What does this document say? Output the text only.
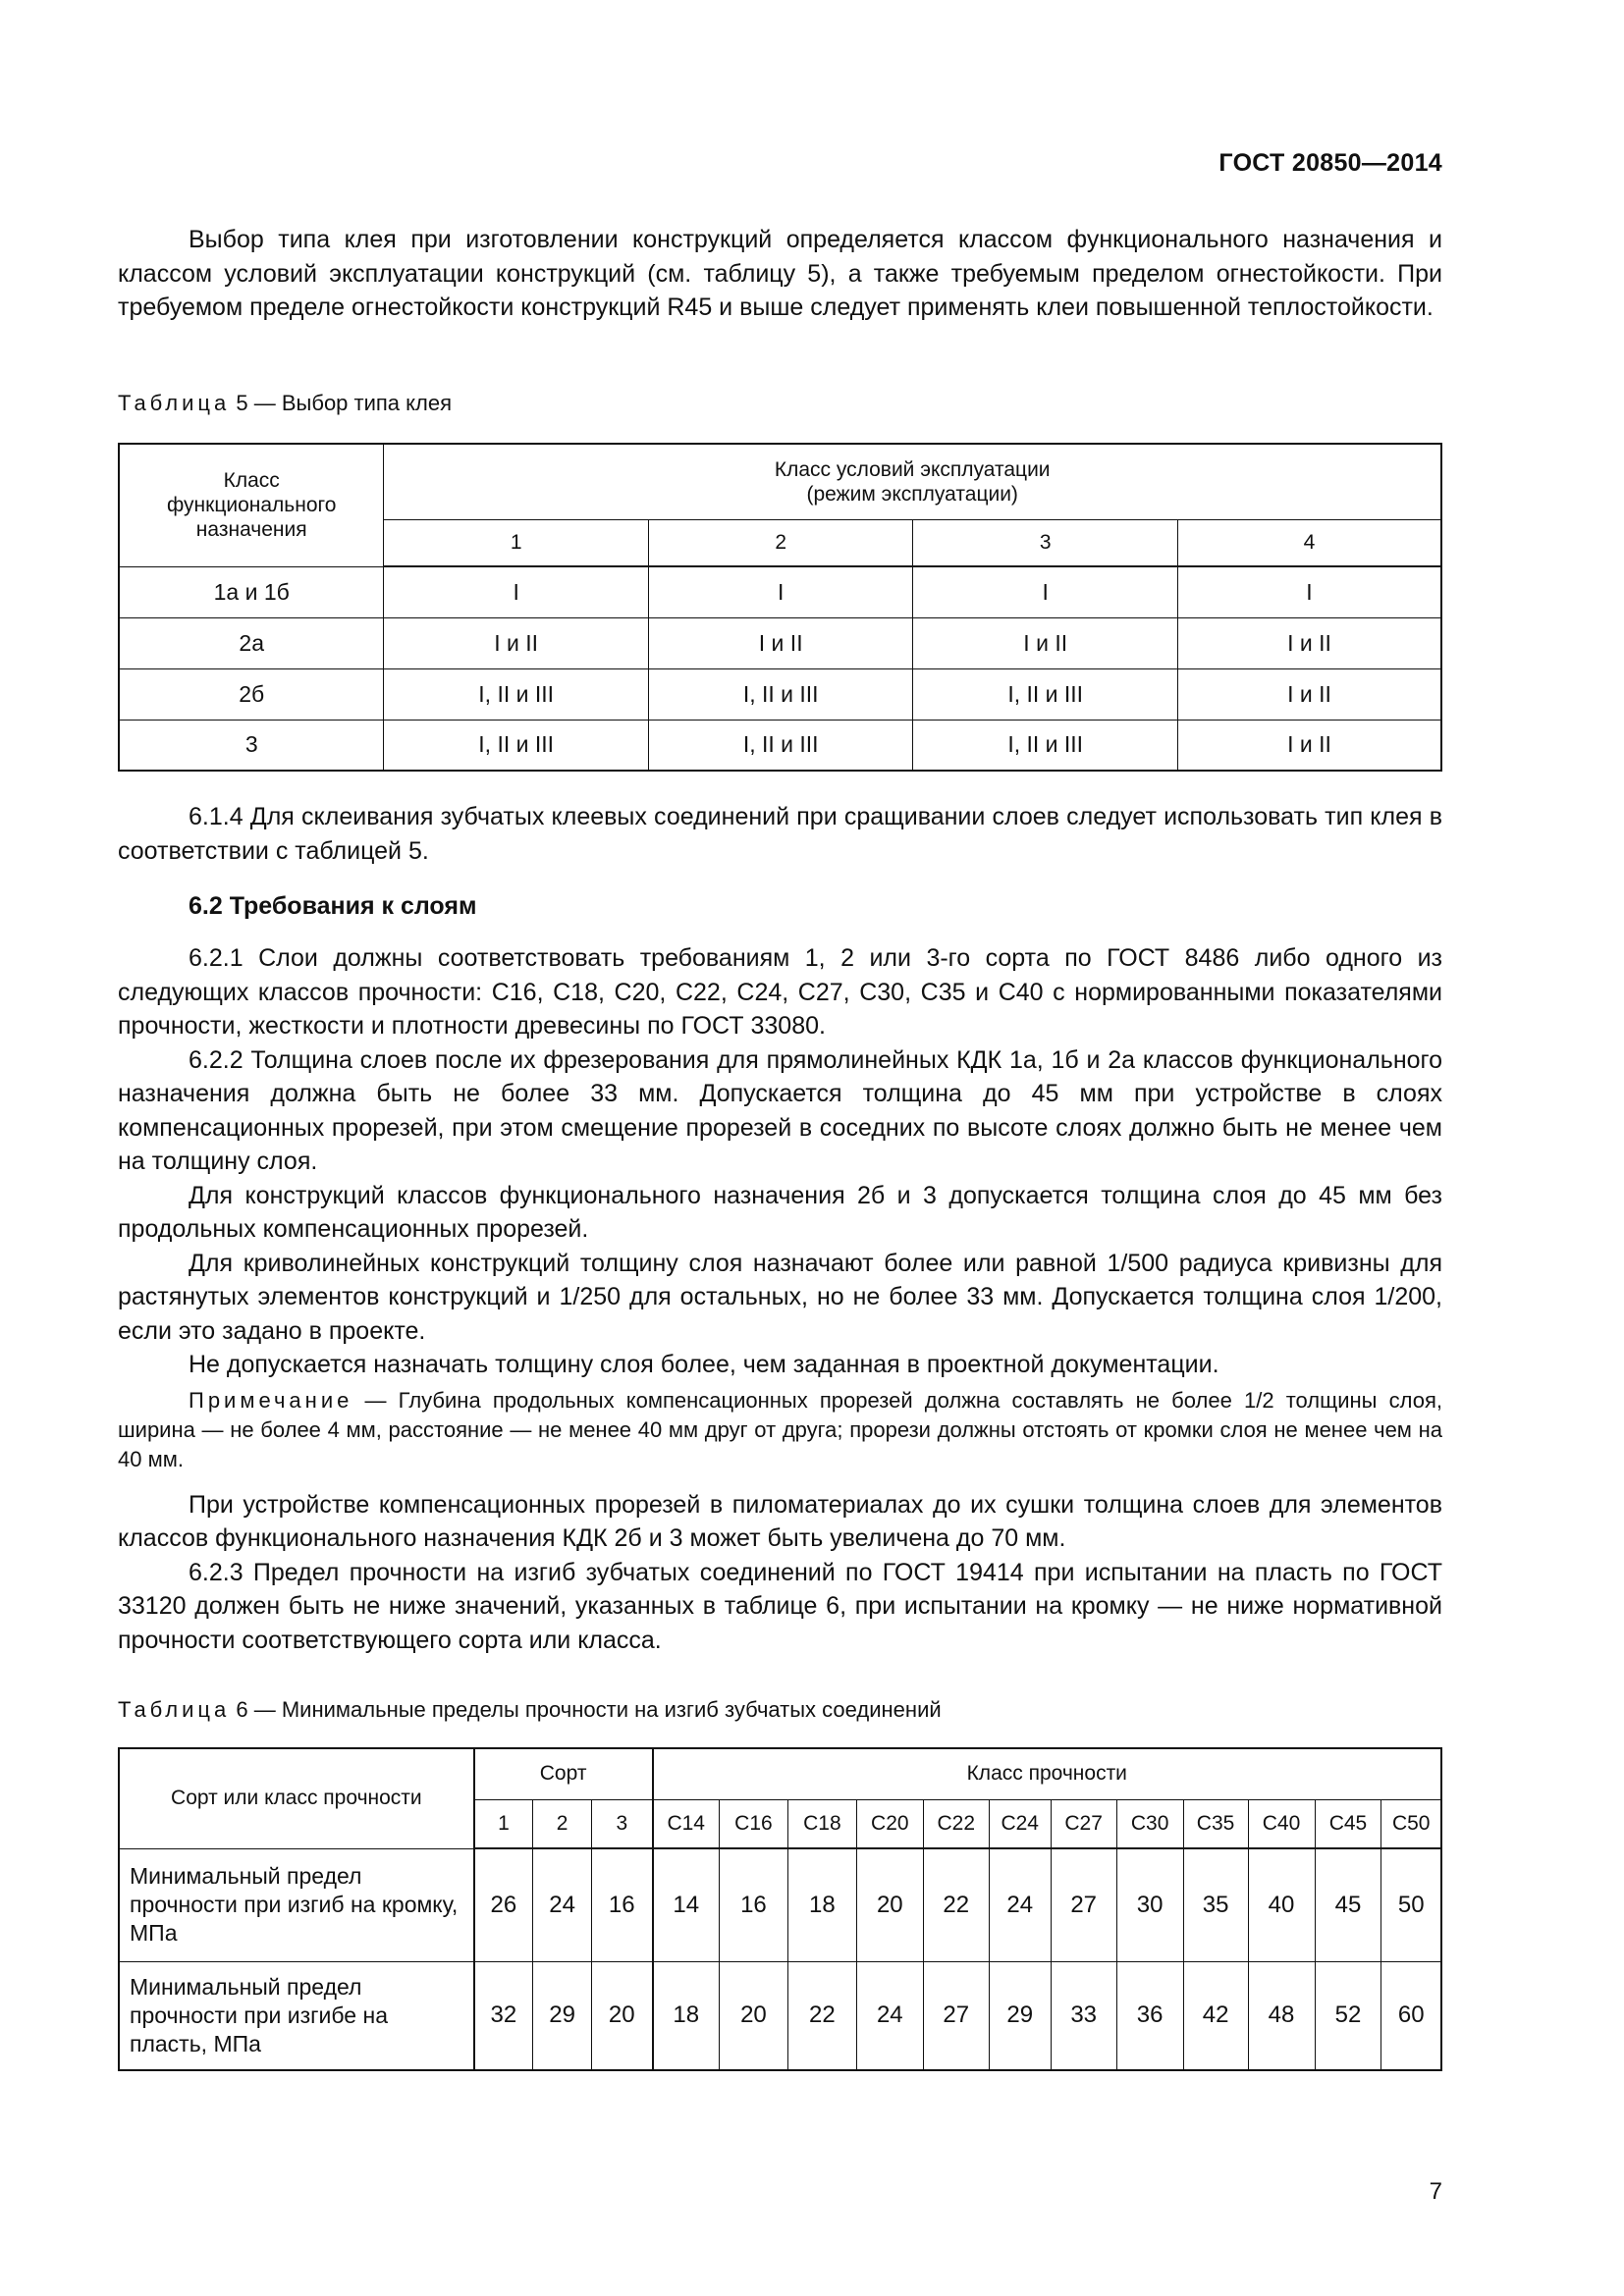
ГОСТ 20850—2014

Выбор типа клея при изготовлении конструкций определяется классом функционального назначения и классом условий эксплуатации конструкций (см. таблицу 5), а также требуемым пределом огнестойкости. При требуемом пределе огнестойкости конструкций R45 и выше следует применять клеи повышенной теплостойкости.

Таблица 5 — Выбор типа клея
Класс функционального назначения	Класс условий эксплуатации
(режим эксплуатации)			
	1	2	3	4
1а и 1б	I	I	I	I
2а	I и II	I и II	I и II	I и II
2б	I, II и III	I, II и III	I, II и III	I и II
3	I, II и III	I, II и III	I, II и III	I и II

6.1.4 Для склеивания зубчатых клеевых соединений при сращивании слоев следует использовать тип клея в соответствии с таблицей 5.

6.2 Требования к слоям

6.2.1 Слои должны соответствовать требованиям 1, 2 или 3-го сорта по ГОСТ 8486 либо одного из следующих классов прочности: С16, С18, С20, С22, С24, С27, С30, С35 и С40 с нормированными показателями прочности, жесткости и плотности древесины по ГОСТ 33080.

6.2.2 Толщина слоев после их фрезерования для прямолинейных КДК 1а, 1б и 2а классов функционального назначения должна быть не более 33 мм. Допускается толщина до 45 мм при устройстве в слоях компенсационных прорезей, при этом смещение прорезей в соседних по высоте слоях должно быть не менее чем на толщину слоя.

Для конструкций классов функционального назначения 2б и 3 допускается толщина слоя до 45 мм без продольных компенсационных прорезей.

Для криволинейных конструкций толщину слоя назначают более или равной 1/500 радиуса кривизны для растянутых элементов конструкций и 1/250 для остальных, но не более 33 мм. Допускается толщина слоя 1/200, если это задано в проекте.

Не допускается назначать толщину слоя более, чем заданная в проектной документации.

Примечание — Глубина продольных компенсационных прорезей должна составлять не более 1/2 толщины слоя, ширина — не более 4 мм, расстояние — не менее 40 мм друг от друга; прорези должны отстоять от кромки слоя не менее чем на 40 мм.

При устройстве компенсационных прорезей в пиломатериалах до их сушки толщина слоев для элементов классов функционального назначения КДК 2б и 3 может быть увеличена до 70 мм.

6.2.3 Предел прочности на изгиб зубчатых соединений по ГОСТ 19414 при испытании на пласть по ГОСТ 33120 должен быть не ниже значений, указанных в таблице 6, при испытании на кромку — не ниже нормативной прочности соответствующего сорта или класса.

Таблица 6 — Минимальные пределы прочности на изгиб зубчатых соединений
Сорт или класс прочности	Сорт			Класс прочности											
	1	2	3	С14	С16	С18	С20	С22	С24	С27	С30	С35	С40	С45	С50
Минимальный предел прочности при изгиб на кромку, МПа	26	24	16	14	16	18	20	22	24	27	30	35	40	45	50
Минимальный предел прочности при изгибе на пласть, МПа	32	29	20	18	20	22	24	27	29	33	36	42	48	52	60
7
